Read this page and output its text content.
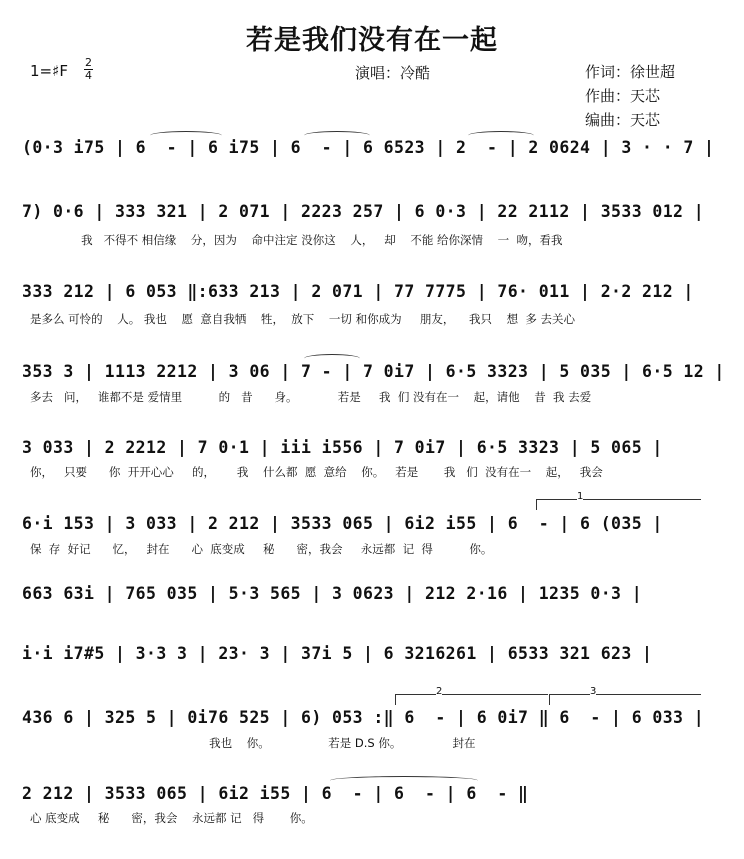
若是我们没有在一起
1=♯F 2
4	演唱：冷酷	作词：徐世超
作曲：天芯
编曲：天芯
(0·3 i75 | 6  - | 6 i75 | 6  - | 6 6523 | 2  - | 2 0624 | 3 · · 7 |
7) 0·6 | 333 321 | 2 071 | 2223 257 | 6 0·3 | 22 2112 | 3533 012 |
我   不得不 相信缘    分，因为    命中注定 没你这    人，   却    不能 给你深情    一  吻，看我
333 212 | 6 053 ‖:633 213 | 2 071 | 77 7775 | 76· 011 | 2·2 212 |
是多么 可怜的    人。 我也    愿  意自我牺    牲，  放下    一切 和你成为     朋友，    我只    想  多 去关心
353 3 | 1113 2212 | 3 06 | 7 - | 7 0i7 | 6·5 3323 | 5 035 | 6·5 12 |
多去   问，   谁都不是 爱情里          的   昔      身。           若是     我  们 没有在一    起，请他    昔  我 去爱
3 033 | 2 2212 | 7 0·1 | iii i556 | 7 0i7 | 6·5 3323 | 5 065 |
你，   只要      你  开开心心     的，      我    什么都  愿  意给    你。   若是       我   们  没有在一    起，   我会
1
6·i 153 | 3 033 | 2 212 | 3533 065 | 6i2 i55 | 6  - | 6 (035 |
保  存  好记      忆，   封在      心  底变成     秘      密，我会     永远都  记  得          你。
663 63i | 765 035 | 5·3 565 | 3 0623 | 212 2·16 | 1235 0·3 |
i·i i7#5 | 3·3 3 | 23· 3 | 37i 5 | 6 3216261 | 6533 321 623 |
2	3
436 6 | 325 5 | 0i76 525 | 6) 053 :‖ 6  - | 6 0i7 ‖ 6  - | 6 033 |
我也    你。                若是 D.S 你。              封在
2 212 | 3533 065 | 6i2 i55 | 6  - | 6  - | 6  - ‖
心 底变成     秘      密，我会    永远都 记   得       你。
